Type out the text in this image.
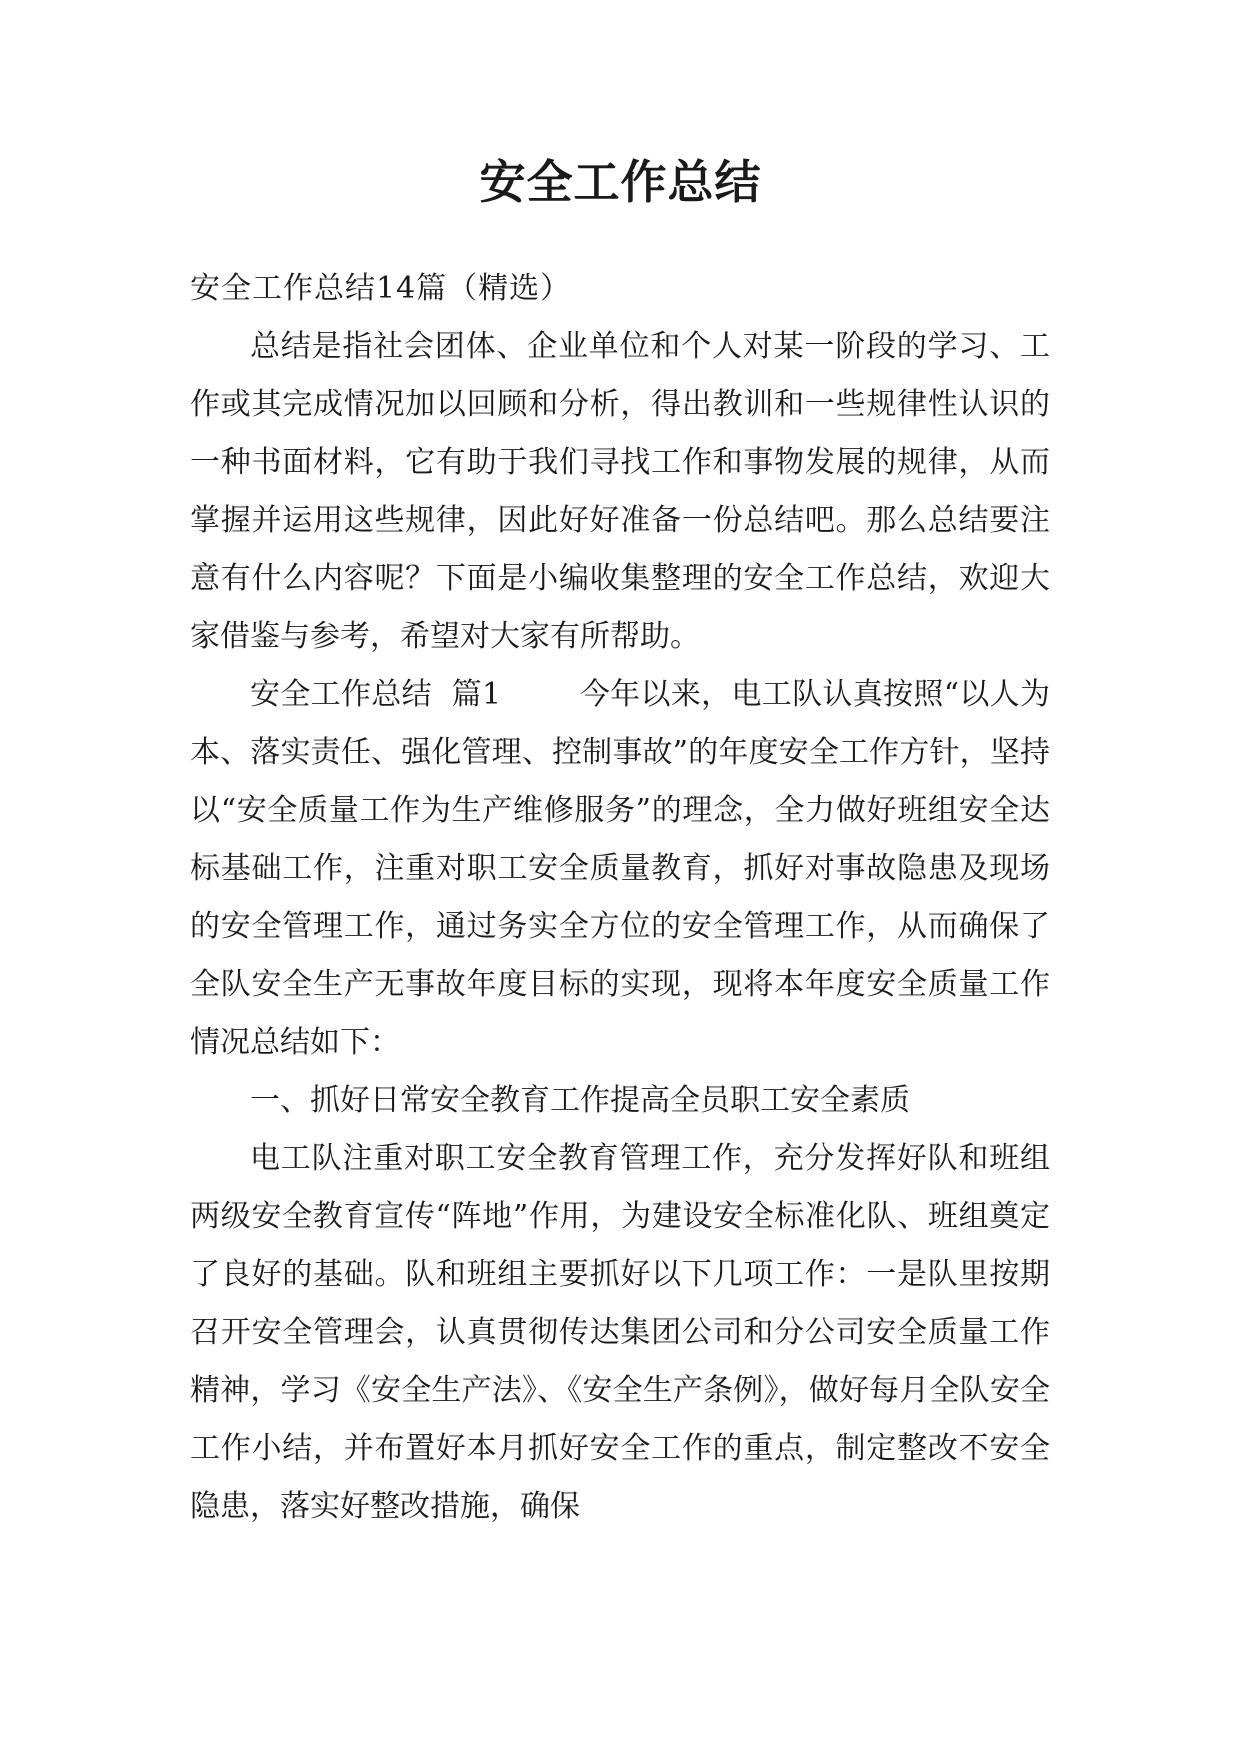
安全工作总结

安全工作总结14篇（精选）

总结是指社会团体、企业单位和个人对某一阶段的学习、工作或其完成情况加以回顾和分析，得出教训和一些规律性认识的一种书面材料，它有助于我们寻找工作和事物发展的规律，从而掌握并运用这些规律，因此好好准备一份总结吧。那么总结要注意有什么内容呢？下面是小编收集整理的安全工作总结，欢迎大家借鉴与参考，希望对大家有所帮助。

安全工作总结  篇1        今年以来，电工队认真按照“以人为本、落实责任、强化管理、控制事故”的年度安全工作方针，坚持以“安全质量工作为生产维修服务”的理念，全力做好班组安全达标基础工作，注重对职工安全质量教育，抓好对事故隐患及现场的安全管理工作，通过务实全方位的安全管理工作，从而确保了全队安全生产无事故年度目标的实现，现将本年度安全质量工作情况总结如下：

一、抓好日常安全教育工作提高全员职工安全素质

电工队注重对职工安全教育管理工作，充分发挥好队和班组两级安全教育宣传“阵地”作用，为建设安全标准化队、班组奠定了良好的基础。队和班组主要抓好以下几项工作：一是队里按期召开安全管理会，认真贯彻传达集团公司和分公司安全质量工作精神，学习《安全生产法》、《安全生产条例》，做好每月全队安全工作小结，并布置好本月抓好安全工作的重点，制定整改不安全隐患，落实好整改措施，确保
